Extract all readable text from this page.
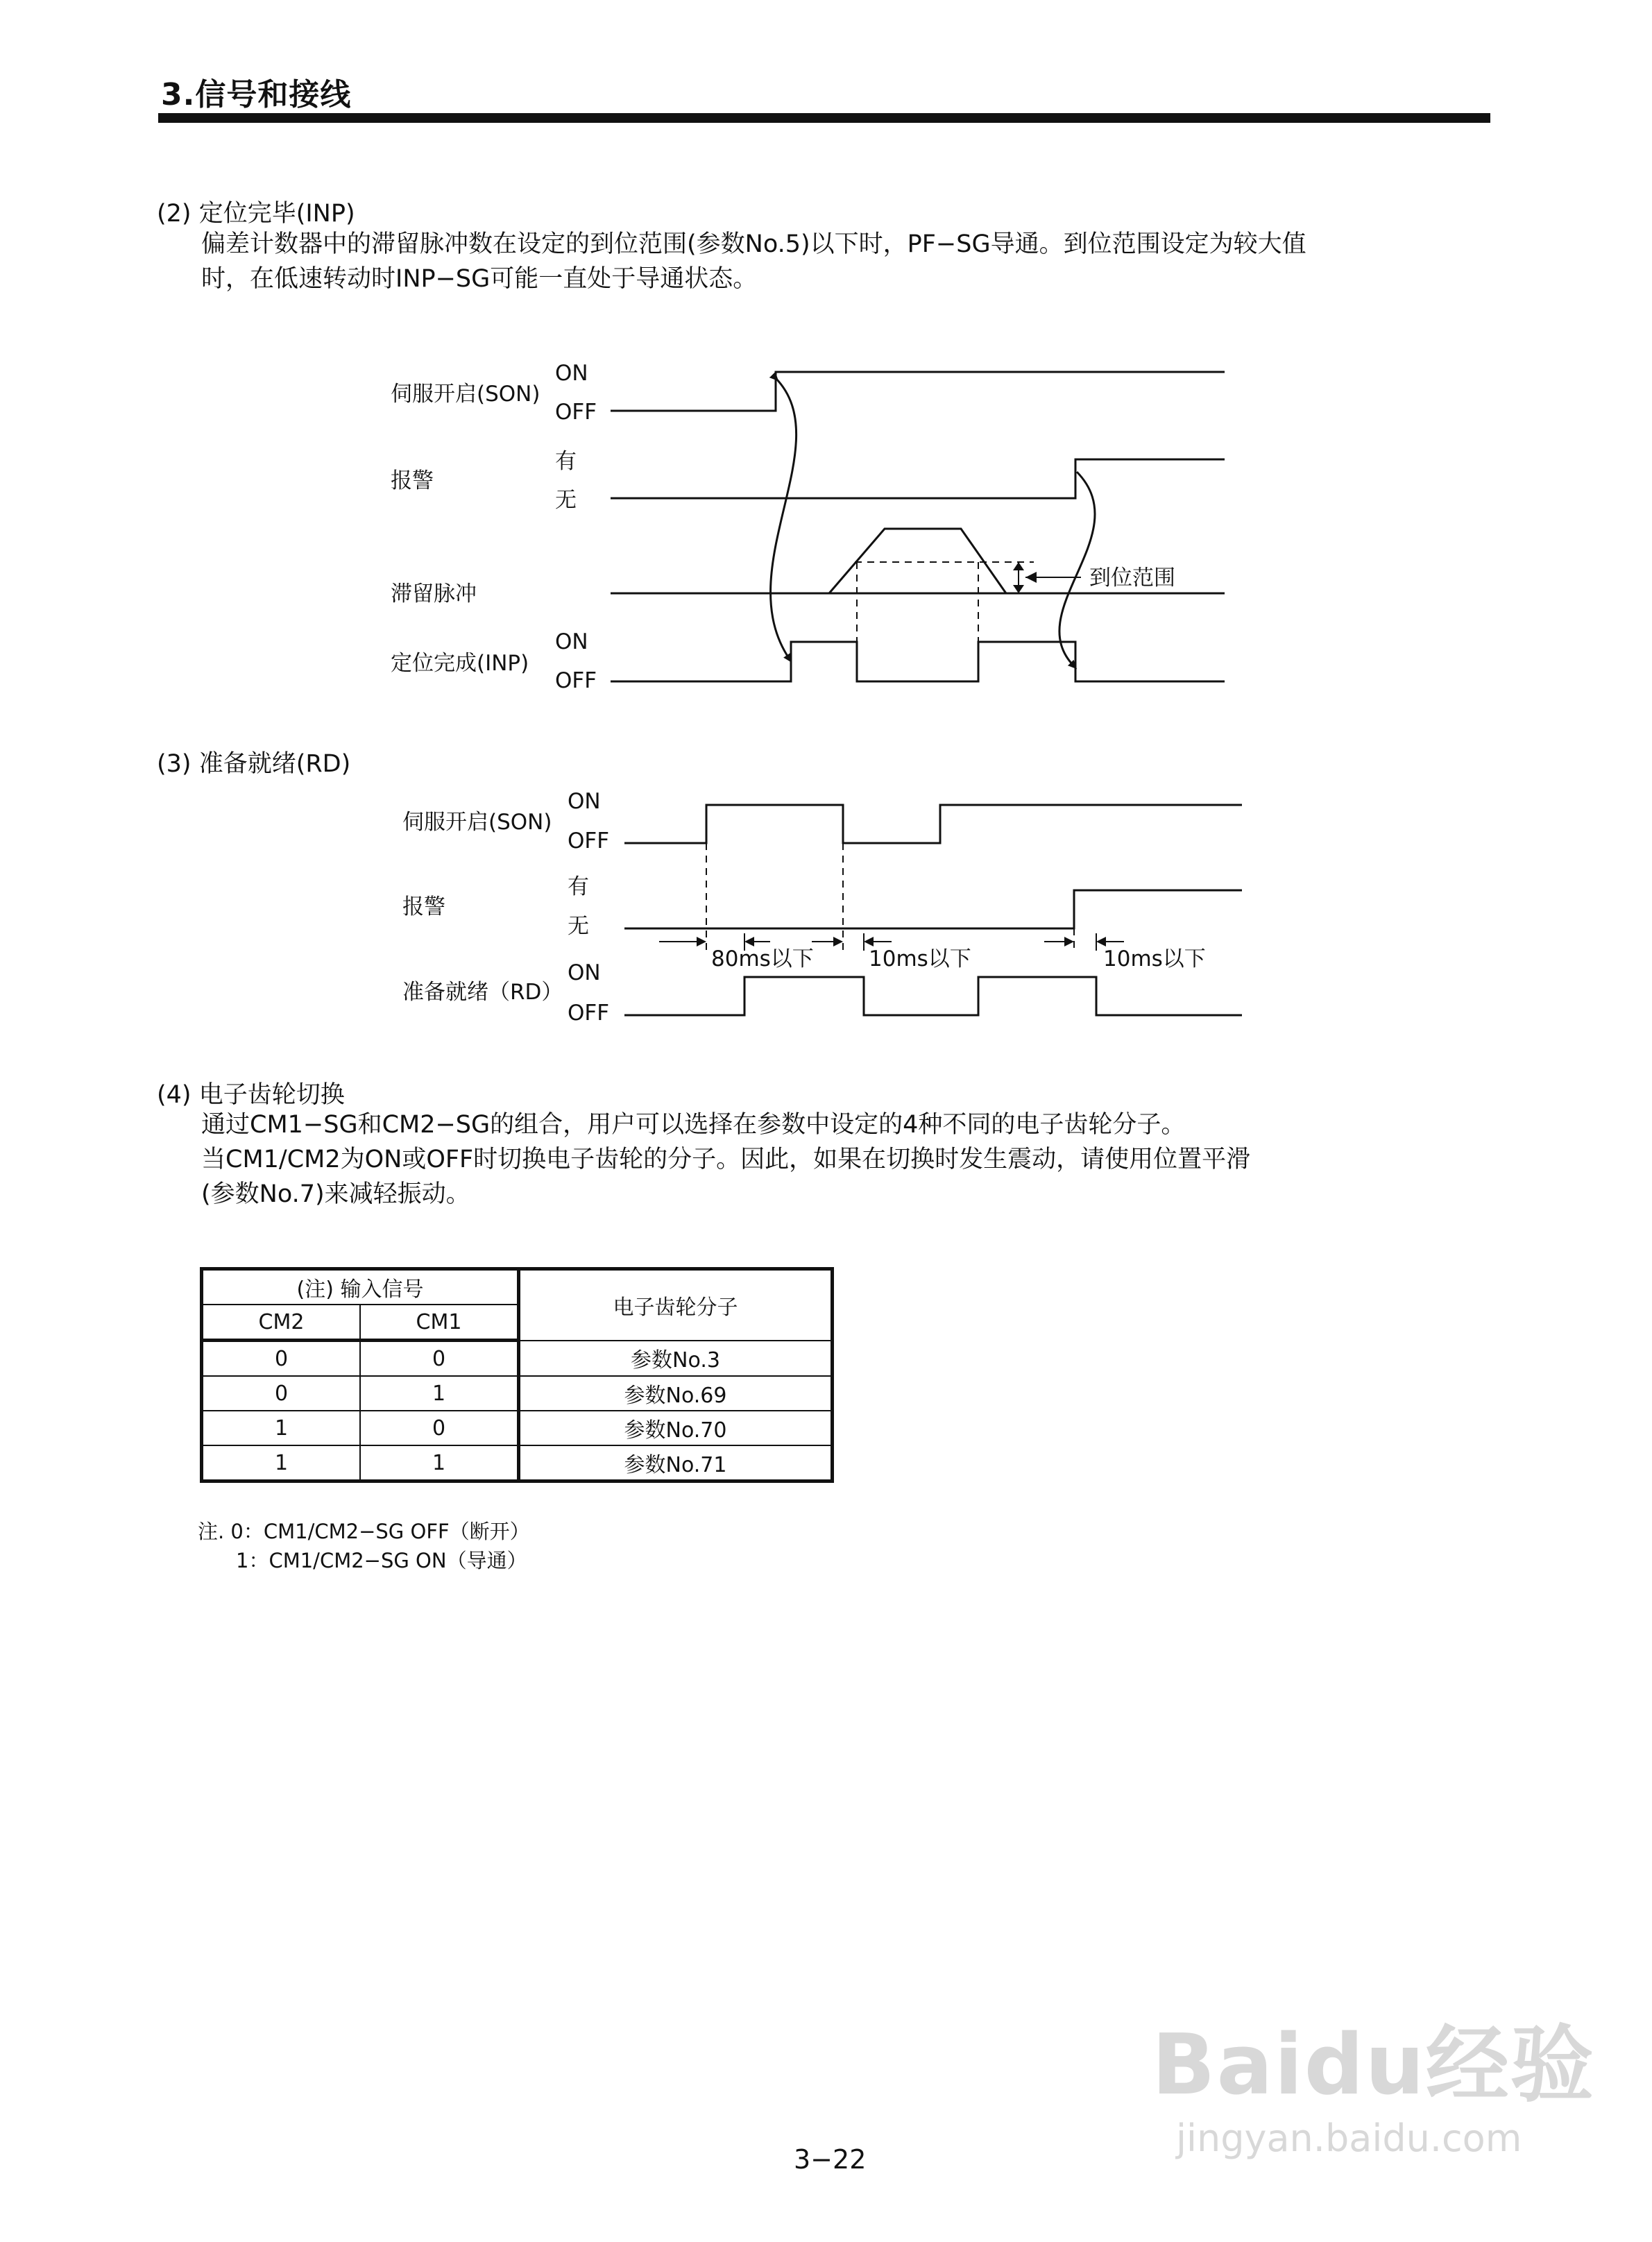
3.信号和接线
(2) 定位完毕(INP)
偏差计数器中的滞留脉冲数在设定的到位范围(参数No.5)以下时，PF−SG导通。到位范围设定为较大值
时，在低速转动时INP−SG可能一直处于导通状态。
伺服开启(SON)
ON
OFF
报警
有
无
滞留脉冲
到位范围
定位完成(INP)
ON
OFF
(3) 准备就绪(RD)
伺服开启(SON)
ON
OFF
报警
有
无
80ms以下	10ms以下	10ms以下
准备就绪（RD）
ON
OFF
(4) 电子齿轮切换
通过CM1−SG和CM2−SG的组合，用户可以选择在参数中设定的4种不同的电子齿轮分子。
当CM1/CM2为ON或OFF时切换电子齿轮的分子。因此，如果在切换时发生震动，请使用位置平滑
(参数No.7)来减轻振动。
(注) 输入信号		电子齿轮分子
CM2	CM1	
0	0	参数No.3
0	1	参数No.69
1	0	参数No.70
1	1	参数No.71
注. 0：CM1/CM2−SG OFF（断开）
1：CM1/CM2−SG ON（导通）
3−22
Baidu经验
jingyan.baidu.com
